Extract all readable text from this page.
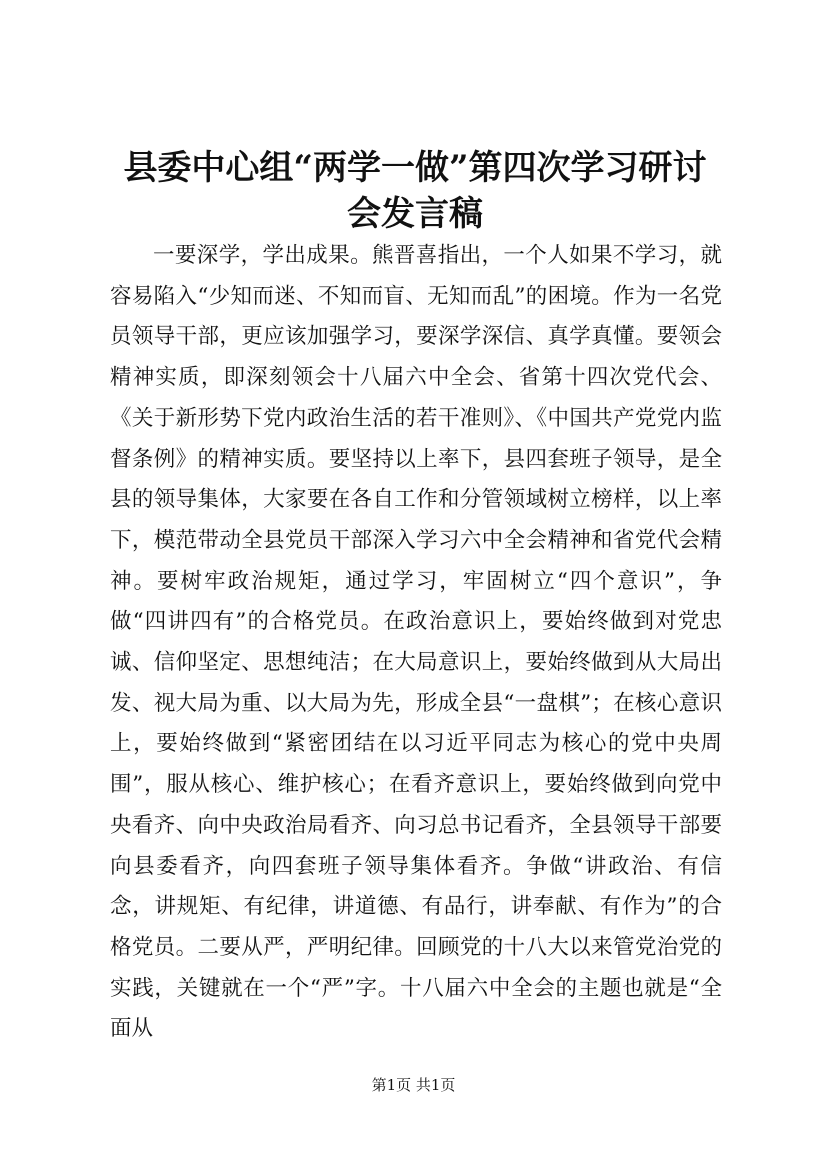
县委中心组“两学一做”第四次学习研讨会发言稿

一要深学，学出成果。熊晋喜指出，一个人如果不学习，就容易陷入“少知而迷、不知而盲、无知而乱”的困境。作为一名党员领导干部，更应该加强学习，要深学深信、真学真懂。要领会精神实质，即深刻领会十八届六中全会、省第十四次党代会、《关于新形势下党内政治生活的若干准则》、《中国共产党党内监督条例》的精神实质。要坚持以上率下，县四套班子领导，是全县的领导集体，大家要在各自工作和分管领域树立榜样，以上率下，模范带动全县党员干部深入学习六中全会精神和省党代会精神。要树牢政治规矩，通过学习，牢固树立“四个意识”，争做“四讲四有”的合格党员。在政治意识上，要始终做到对党忠诚、信仰坚定、思想纯洁；在大局意识上，要始终做到从大局出发、视大局为重、以大局为先，形成全县“一盘棋”；在核心意识上，要始终做到“紧密团结在以习近平同志为核心的党中央周围”，服从核心、维护核心；在看齐意识上，要始终做到向党中央看齐、向中央政治局看齐、向习总书记看齐，全县领导干部要向县委看齐，向四套班子领导集体看齐。争做“讲政治、有信念，讲规矩、有纪律，讲道德、有品行，讲奉献、有作为”的合格党员。二要从严，严明纪律。回顾党的十八大以来管党治党的实践，关键就在一个“严”字。十八届六中全会的主题也就是“全面从

第1页 共1页
